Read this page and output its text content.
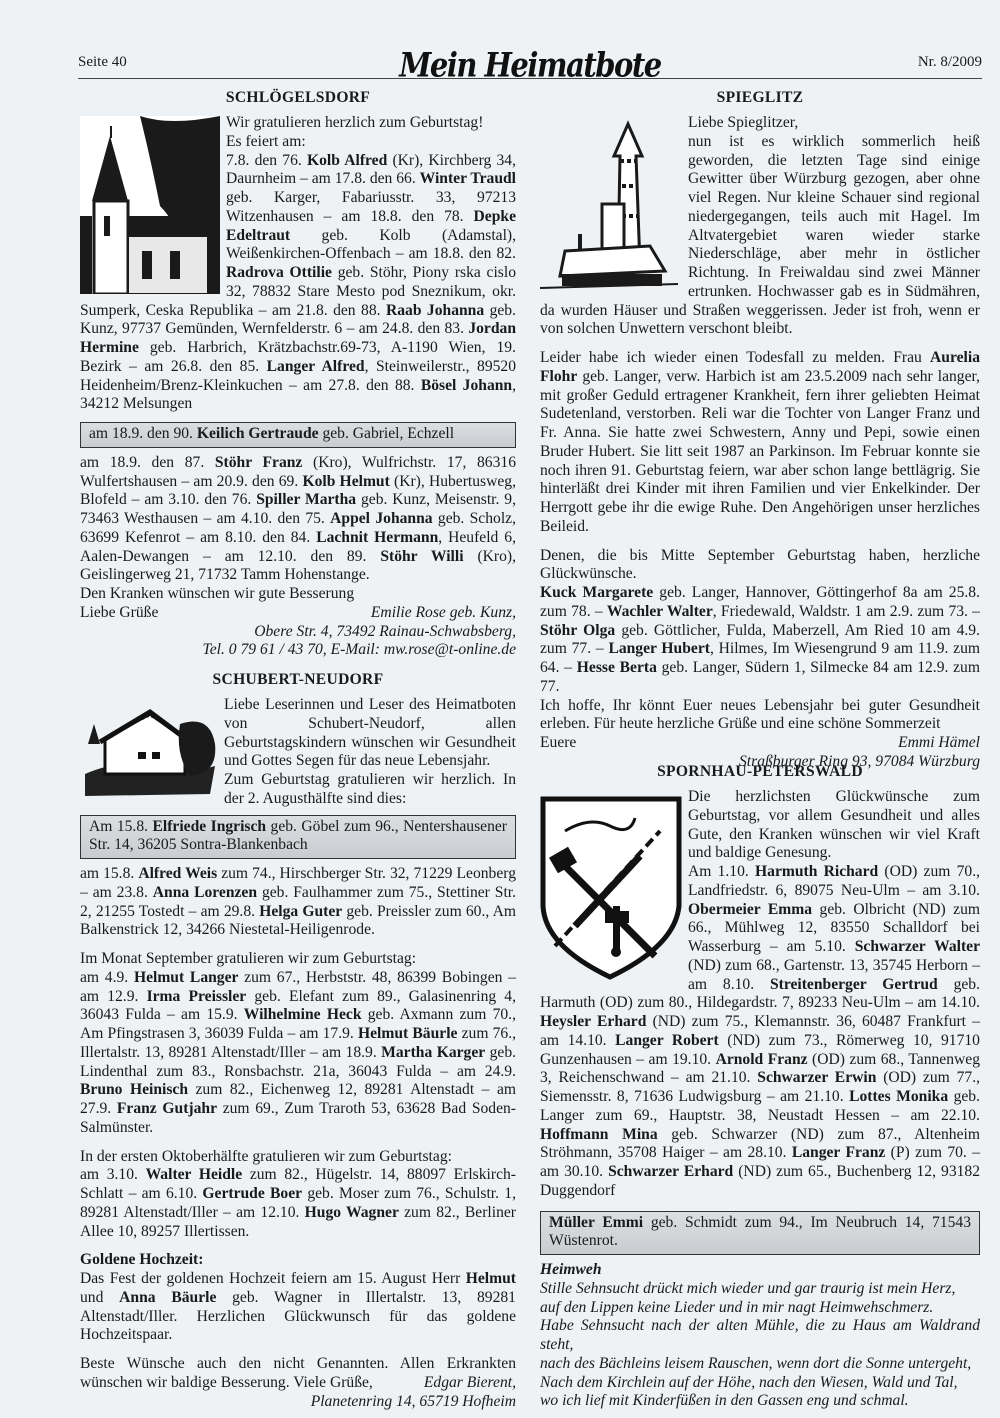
Seite 40	Mein Heimatbote	Nr. 8/2009
SCHLÖGELSDORF

Wir gratulieren herzlich zum Geburtstag!

Es feiert am:

7.8. den 76. Kolb Alfred (Kr), Kirchberg 34, Daurnheim – am 17.8. den 66. Winter Traudl geb. Karger, Fabariusstr. 33, 97213 Witzenhausen – am 18.8. den 78. Depke Edeltraut geb. Kolb (Adamstal), Weißenkirchen-Offenbach – am 18.8. den 82. Radrova Ottilie geb. Stöhr, Piony rska cislo 32, 78832 Stare Mesto pod Sneznikum, okr. Sumperk, Ceska Republika – am 21.8. den 88. Raab Johanna geb. Kunz, 97737 Gemünden, Wernfelderstr. 6 – am 24.8. den 83. Jordan Hermine geb. Harbrich, Krätzbachstr.69-73, A-1190 Wien, 19. Bezirk – am 26.8. den 85. Langer Alfred, Steinweilerstr., 89520 Heidenheim/Brenz-Kleinkuchen – am 27.8. den 88. Bösel Johann, 34212 Melsungen

am 18.9. den 90. Keilich Gertraude geb. Gabriel, Echzell

am 18.9. den 87. Stöhr Franz (Kro), Wulfrichstr. 17, 86316 Wulfertshausen – am 20.9. den 69. Kolb Helmut (Kr), Hubertusweg, Blofeld – am 3.10. den 76. Spiller Martha geb. Kunz, Meisenstr. 9, 73463 Westhausen – am 4.10. den 75. Appel Johanna geb. Scholz, 63699 Kefenrot – am 8.10. den 84. Lachnit Hermann, Heufeld 6, Aalen-Dewangen – am 12.10. den 89. Stöhr Willi (Kro), Geislingerweg 21, 71732 Tamm Hohenstange.

Den Kranken wünschen wir gute Besserung

Liebe Grüße	Emilie Rose geb. Kunz,
Obere Str. 4, 73492 Rainau-Schwabsberg,
Tel. 0 79 61 / 43 70, E-Mail: mw.rose@t-online.de
SCHUBERT-NEUDORF

Liebe Leserinnen und Leser des Heimatboten von Schubert-Neudorf, allen Geburtstagskindern wünschen wir Gesundheit und Gottes Segen für das neue Lebensjahr.

Zum Geburtstag gratulieren wir herzlich. In der 2. Augusthälfte sind dies:

Am 15.8. Elfriede Ingrisch geb. Göbel zum 96., Nentershausener Str. 14, 36205 Sontra-Blankenbach

am 15.8. Alfred Weis zum 74., Hirschberger Str. 32, 71229 Leonberg – am 23.8. Anna Lorenzen geb. Faulhammer zum 75., Stettiner Str. 2, 21255 Tostedt – am 29.8. Helga Guter geb. Preissler zum 60., Am Balkenstrick 12, 34266 Niestetal-Heiligenrode.

Im Monat September gratulieren wir zum Geburtstag:

am 4.9. Helmut Langer zum 67., Herbststr. 48, 86399 Bobingen – am 12.9. Irma Preissler geb. Elefant zum 89., Galasinenring 4, 36043 Fulda – am 15.9. Wilhelmine Heck geb. Axmann zum 70., Am Pfingstrasen 3, 36039 Fulda – am 17.9. Helmut Bäurle zum 76., Illertalstr. 13, 89281 Altenstadt/Iller – am 18.9. Martha Karger geb. Lindenthal zum 83., Ronsbachstr. 21a, 36043 Fulda – am 24.9. Bruno Heinisch zum 82., Eichenweg 12, 89281 Altenstadt – am 27.9. Franz Gutjahr zum 69., Zum Traroth 53, 63628 Bad Soden-Salmünster.

In der ersten Oktoberhälfte gratulieren wir zum Geburtstag:

am 3.10. Walter Heidle zum 82., Hügelstr. 14, 88097 Erlskirch-Schlatt – am 6.10. Gertrude Boer geb. Moser zum 76., Schulstr. 1, 89281 Altenstadt/Iller – am 12.10. Hugo Wagner zum 82., Berliner Allee 10, 89257 Illertissen.

Goldene Hochzeit:

Das Fest der goldenen Hochzeit feiern am 15. August Herr Helmut und Anna Bäurle geb. Wagner in Illertalstr. 13, 89281 Altenstadt/Iller. Herzlichen Glückwunsch für das goldene Hochzeitspaar.

Beste Wünsche auch den nicht Genannten. Allen Erkrankten wünschen wir baldige Besserung. Viele Grüße,	Edgar Bierent,

Planetenring 14, 65719 Hofheim
SPIEGLITZ

Liebe Spieglitzer,

nun ist es wirklich sommerlich heiß geworden, die letzten Tage sind einige Gewitter über Würzburg gezogen, aber ohne viel Regen. Nur kleine Schauer sind regional niedergegangen, teils auch mit Hagel. Im Altvatergebiet waren wieder starke Niederschläge, aber mehr in östlicher Richtung. In Freiwaldau sind zwei Männer ertrunken. Hochwasser gab es in Südmähren, da wurden Häuser und Straßen weggerissen. Jeder ist froh, wenn er von solchen Unwettern verschont bleibt.

Leider habe ich wieder einen Todesfall zu melden. Frau Aurelia Flohr geb. Langer, verw. Harbich ist am 23.5.2009 nach sehr langer, mit großer Geduld ertragener Krankheit, fern ihrer geliebten Heimat Sudetenland, verstorben. Reli war die Tochter von Langer Franz und Fr. Anna. Sie hatte zwei Schwestern, Anny und Pepi, sowie einen Bruder Hubert. Sie litt seit 1987 an Parkinson. Im Februar konnte sie noch ihren 91. Geburtstag feiern, war aber schon lange bettlägrig. Sie hinterläßt drei Kinder mit ihren Familien und vier Enkelkinder. Der Herrgott gebe ihr die ewige Ruhe. Den Angehörigen unser herzliches Beileid.

Denen, die bis Mitte September Geburtstag haben, herzliche Glückwünsche.

Kuck Margarete geb. Langer, Hannover, Göttingerhof 8a am 25.8. zum 78. – Wachler Walter, Friedewald, Waldstr. 1 am 2.9. zum 73. – Stöhr Olga geb. Göttlicher, Fulda, Maberzell, Am Ried 10 am 4.9. zum 77. – Langer Hubert, Hilmes, Im Wiesengrund 9 am 11.9. zum 64. – Hesse Berta geb. Langer, Südern 1, Silmecke 84 am 12.9. zum 77.

Ich hoffe, Ihr könnt Euer neues Lebensjahr bei guter Gesundheit erleben. Für heute herzliche Grüße und eine schöne Sommerzeit

Euere	Emmi Hämel
Straßburger Ring 93, 97084 Würzburg
SPORNHAU-PETERSWALD

Die herzlichsten Glückwünsche zum Geburtstag, vor allem Gesundheit und alles Gute, den Kranken wünschen wir viel Kraft und baldige Genesung.

Am 1.10. Harmuth Richard (OD) zum 70., Landfriedstr. 6, 89075 Neu-Ulm – am 3.10. Obermeier Emma geb. Olbricht (ND) zum 66., Mühlweg 12, 83550 Schalldorf bei Wasserburg – am 5.10. Schwarzer Walter (ND) zum 68., Gartenstr. 13, 35745 Herborn – am 8.10. Streitenberger Gertrud geb. Harmuth (OD) zum 80., Hildegardstr. 7, 89233 Neu-Ulm – am 14.10. Heysler Erhard (ND) zum 75., Klemannstr. 36, 60487 Frankfurt – am 14.10. Langer Robert (ND) zum 73., Römerweg 10, 91710 Gunzenhausen – am 19.10. Arnold Franz (OD) zum 68., Tannenweg 3, Reichenschwand – am 21.10. Schwarzer Erwin (OD) zum 77., Siemensstr. 8, 71636 Ludwigsburg – am 21.10. Lottes Monika geb. Langer zum 69., Hauptstr. 38, Neustadt Hessen – am 22.10. Hoffmann Mina geb. Schwarzer (ND) zum 87., Altenheim Ströhmann, 35708 Haiger – am 28.10. Langer Franz (P) zum 70. – am 30.10. Schwarzer Erhard (ND) zum 65., Buchenberg 12, 93182 Duggendorf

Müller Emmi geb. Schmidt zum 94., Im Neubruch 14, 71543 Wüstenrot.
Heimweh
Stille Sehnsucht drückt mich wieder und gar traurig ist mein Herz,
auf den Lippen keine Lieder und in mir nagt Heimwehschmerz.
Habe Sehnsucht nach der alten Mühle, die zu Haus am Waldrand steht,
nach des Bächleins leisem Rauschen, wenn dort die Sonne untergeht,
Nach dem Kirchlein auf der Höhe, nach den Wiesen, Wald und Tal,
wo ich lief mit Kinderfüßen in den Gassen eng und schmal.
